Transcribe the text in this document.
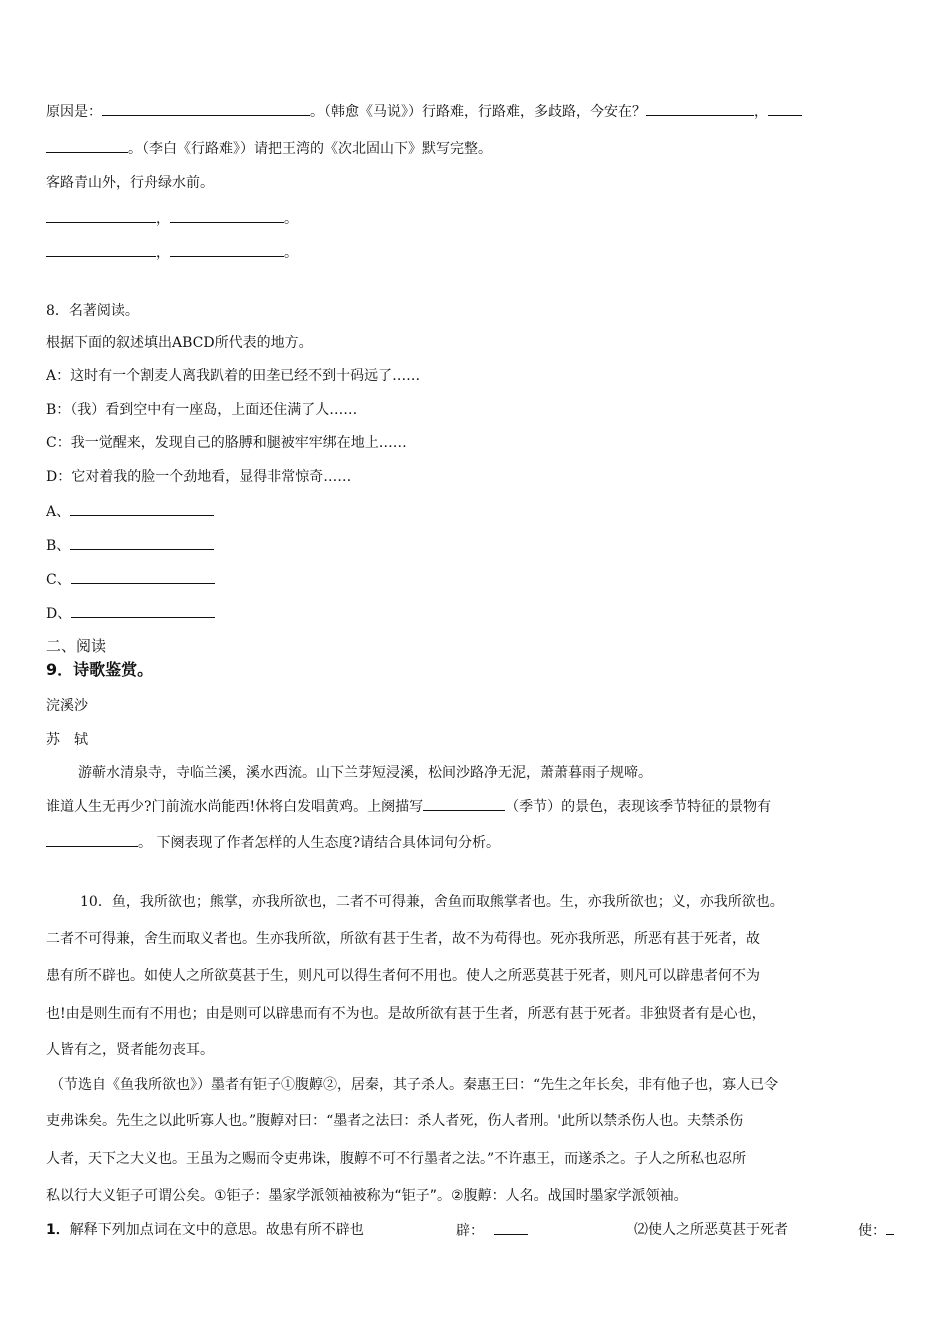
原因是：	。（韩愈《马说》）行路难，行路难，多歧路，今安在？	，
。（李白《行路难》）请把王湾的《次北固山下》默写完整。
客路青山外，行舟绿水前。
，	。
，	。
8．名著阅读。
根据下面的叙述填出ABCD所代表的地方。
A：这时有一个割麦人离我趴着的田垄已经不到十码远了……
B：（我）看到空中有一座岛，上面还住满了人……
C：我一觉醒来，发现自己的胳膊和腿被牢牢绑在地上……
D：它对着我的脸一个劲地看，显得非常惊奇……
A、
B、
C、
D、
二、阅读
9．诗歌鉴赏。
浣溪沙
苏　轼
游蕲水清泉寺，寺临兰溪，溪水西流。山下兰芽短浸溪，松间沙路净无泥，萧萧暮雨子规啼。
谁道人生无再少?门前流水尚能西!休将白发唱黄鸡。上阕描写	（季节）的景色，表现该季节特征的景物有
。 下阕表现了作者怎样的人生态度?请结合具体词句分析。
10．鱼，我所欲也；熊掌，亦我所欲也，二者不可得兼，舍鱼而取熊掌者也。生，亦我所欲也；义，亦我所欲也。
二者不可得兼，舍生而取义者也。生亦我所欲，所欲有甚于生者，故不为苟得也。死亦我所恶，所恶有甚于死者，故
患有所不辟也。如使人之所欲莫甚于生，则凡可以得生者何不用也。使人之所恶莫甚于死者，则凡可以辟患者何不为
也!由是则生而有不用也；由是则可以辟患而有不为也。是故所欲有甚于生者，所恶有甚于死者。非独贤者有是心也，
人皆有之，贤者能勿丧耳。
（节选自《鱼我所欲也》）墨者有钜子①腹䵍②，居秦，其子杀人。秦惠王曰：“先生之年长矣，非有他子也，寡人已令
吏弗诛矣。先生之以此听寡人也。”腹䵍对曰：“墨者之法曰：杀人者死，伤人者刑。'此所以禁杀伤人也。夫禁杀伤
人者，天下之大义也。王虽为之赐而令吏弗诛，腹䵍不可不行墨者之法。”不许惠王，而遂杀之。子人之所私也忍所
私以行大义钜子可谓公矣。①钜子：墨家学派领袖被称为“钜子”。②腹䵍：人名。战国时墨家学派领袖。
1．解释下列加点词在文中的意思。故患有所不辟也	辟：	⑵使人之所恶莫甚于死者	使：
